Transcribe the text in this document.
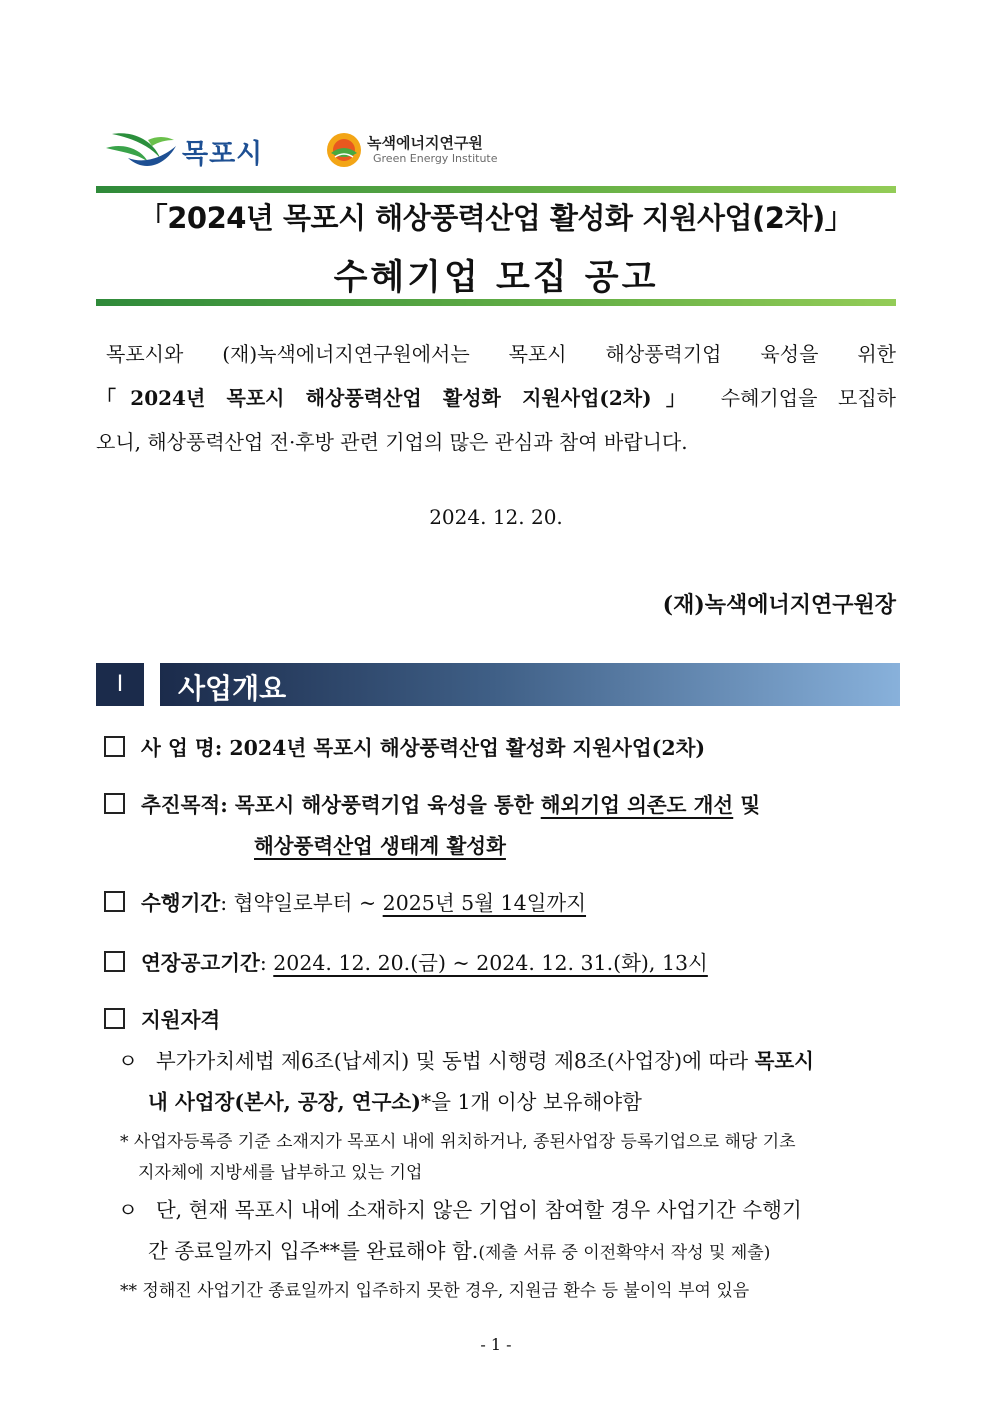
목포시	녹색에너지연구원
Green Energy Institute
「2024년 목포시 해상풍력산업 활성화 지원사업(2차)」
수혜기업 모집 공고
목포시와 (재)녹색에너지연구원에서는 목포시 해상풍력기업 육성을 위한
「2024년 목포시 해상풍력산업 활성화 지원사업(2차)」 수혜기업을 모집하
오니, 해상풍력산업 전·후방 관련 기업의 많은 관심과 참여 바랍니다.
2024. 12. 20.
(재)녹색에너지연구원장
Ⅰ	사업개요
사 업 명: 2024년 목포시 해상풍력산업 활성화 지원사업(2차)
추진목적: 목포시 해상풍력기업 육성을 통한 해외기업 의존도 개선 및
해상풍력산업 생태계 활성화
수행기간: 협약일로부터 ~ 2025년 5월 14일까지
연장공고기간: 2024. 12. 20.(금) ~ 2024. 12. 31.(화), 13시
지원자격
ㅇ 부가가치세법 제6조(납세지) 및 동법 시행령 제8조(사업장)에 따라 목포시
내 사업장(본사, 공장, 연구소)*을 1개 이상 보유해야함
* 사업자등록증 기준 소재지가 목포시 내에 위치하거나, 종된사업장 등록기업으로 해당 기초
지자체에 지방세를 납부하고 있는 기업
ㅇ 단, 현재 목포시 내에 소재하지 않은 기업이 참여할 경우 사업기간 수행기
간 종료일까지 입주**를 완료해야 함.(제출 서류 중 이전확약서 작성 및 제출)
** 정해진 사업기간 종료일까지 입주하지 못한 경우, 지원금 환수 등 불이익 부여 있음
- 1 -
